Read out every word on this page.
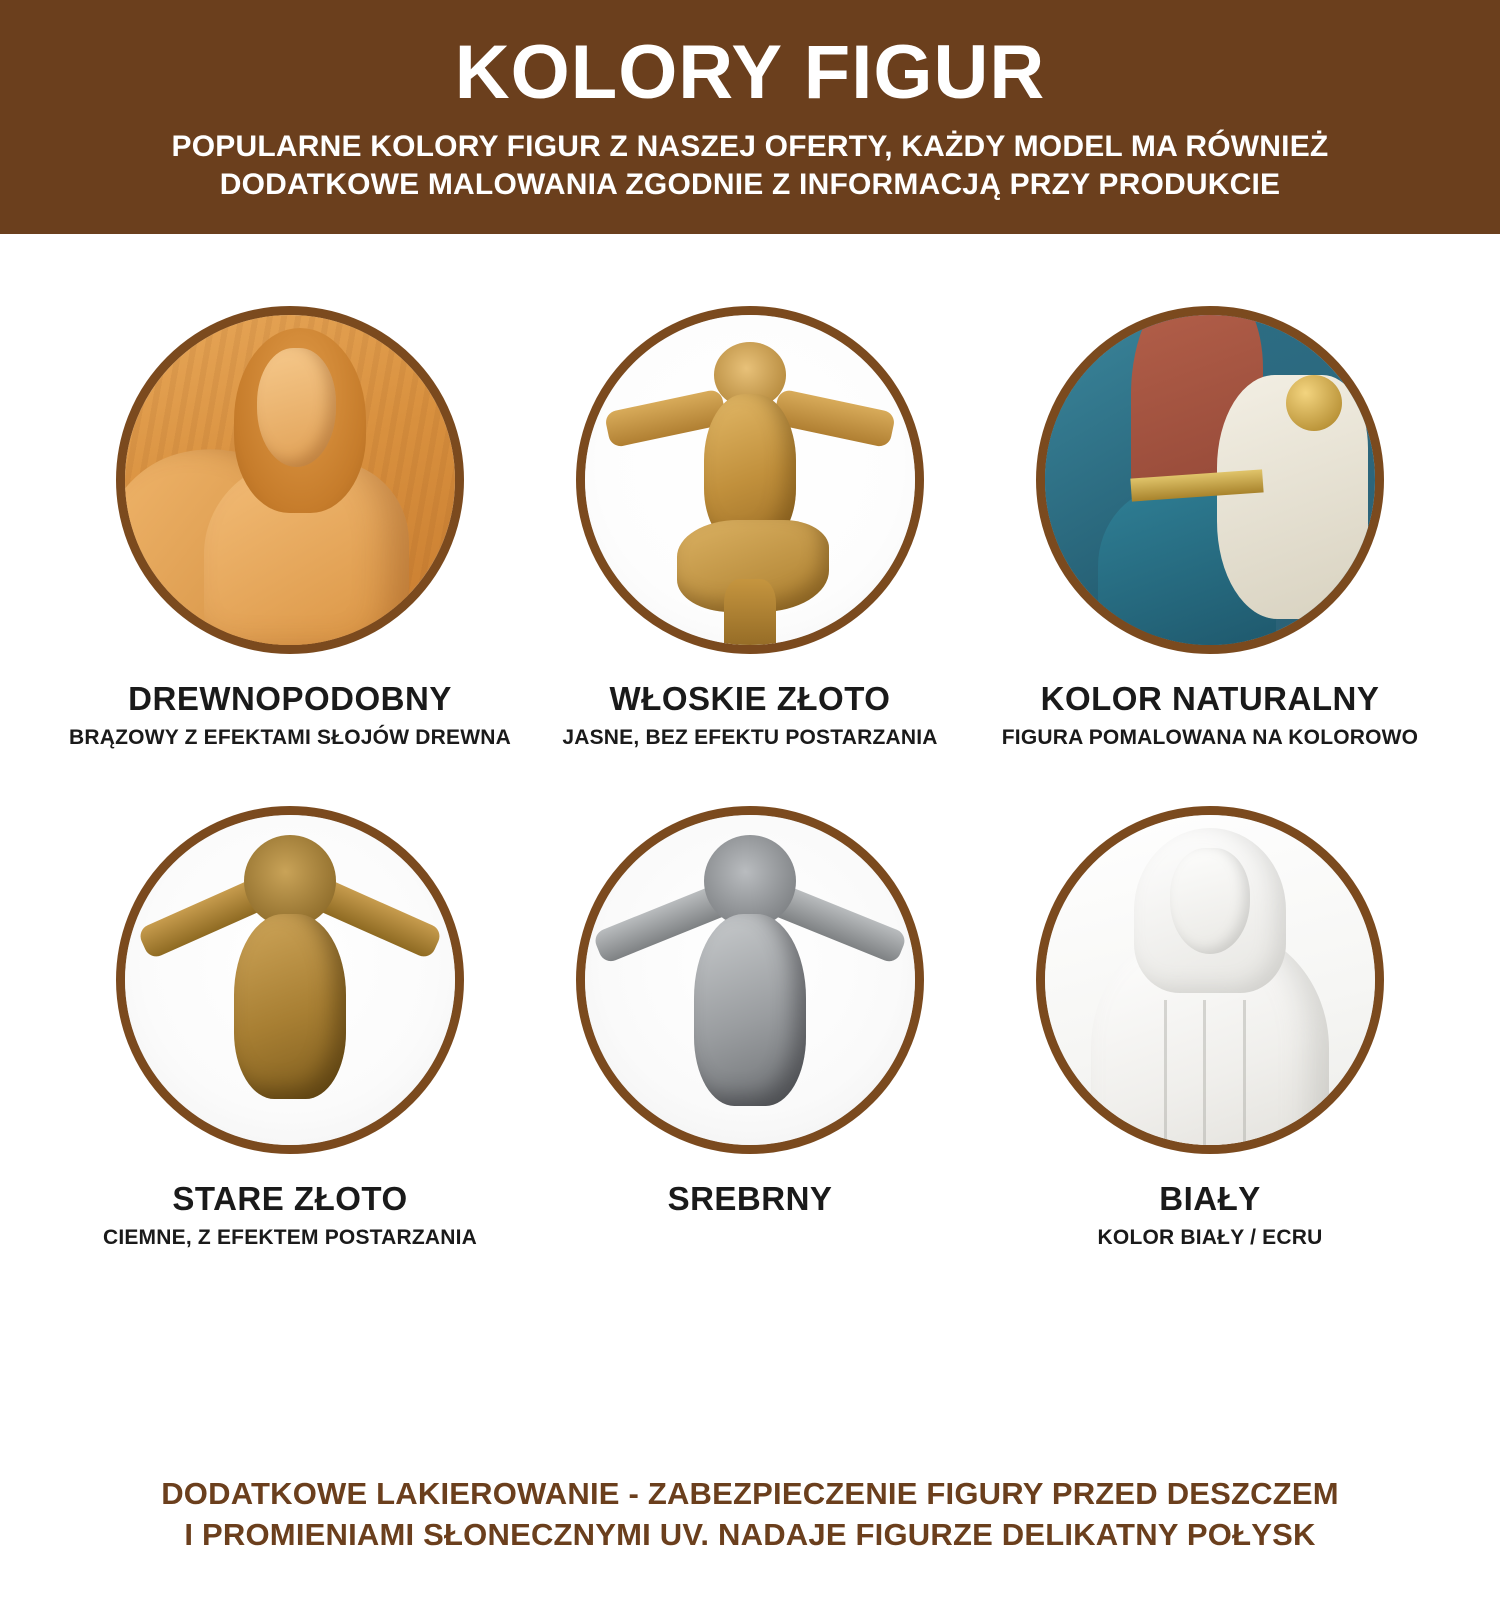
KOLORY FIGUR

POPULARNE KOLORY FIGUR Z NASZEJ OFERTY, KAŻDY MODEL MA RÓWNIEŻ

DODATKOWE MALOWANIA ZGODNIE Z INFORMACJĄ PRZY PRODUKCIE

DREWNOPODOBNY
BRĄZOWY Z EFEKTAMI SŁOJÓW DREWNA
WŁOSKIE ZŁOTO
JASNE, BEZ EFEKTU POSTARZANIA
KOLOR NATURALNY
FIGURA POMALOWANA NA KOLOROWO
STARE ZŁOTO
CIEMNE, Z EFEKTEM POSTARZANIA
SREBRNY	BIAŁY
KOLOR BIAŁY / ECRU
DODATKOWE LAKIEROWANIE - ZABEZPIECZENIE FIGURY PRZED DESZCZEM
I PROMIENIAMI SŁONECZNYMI UV. NADAJE FIGURZE DELIKATNY POŁYSK
